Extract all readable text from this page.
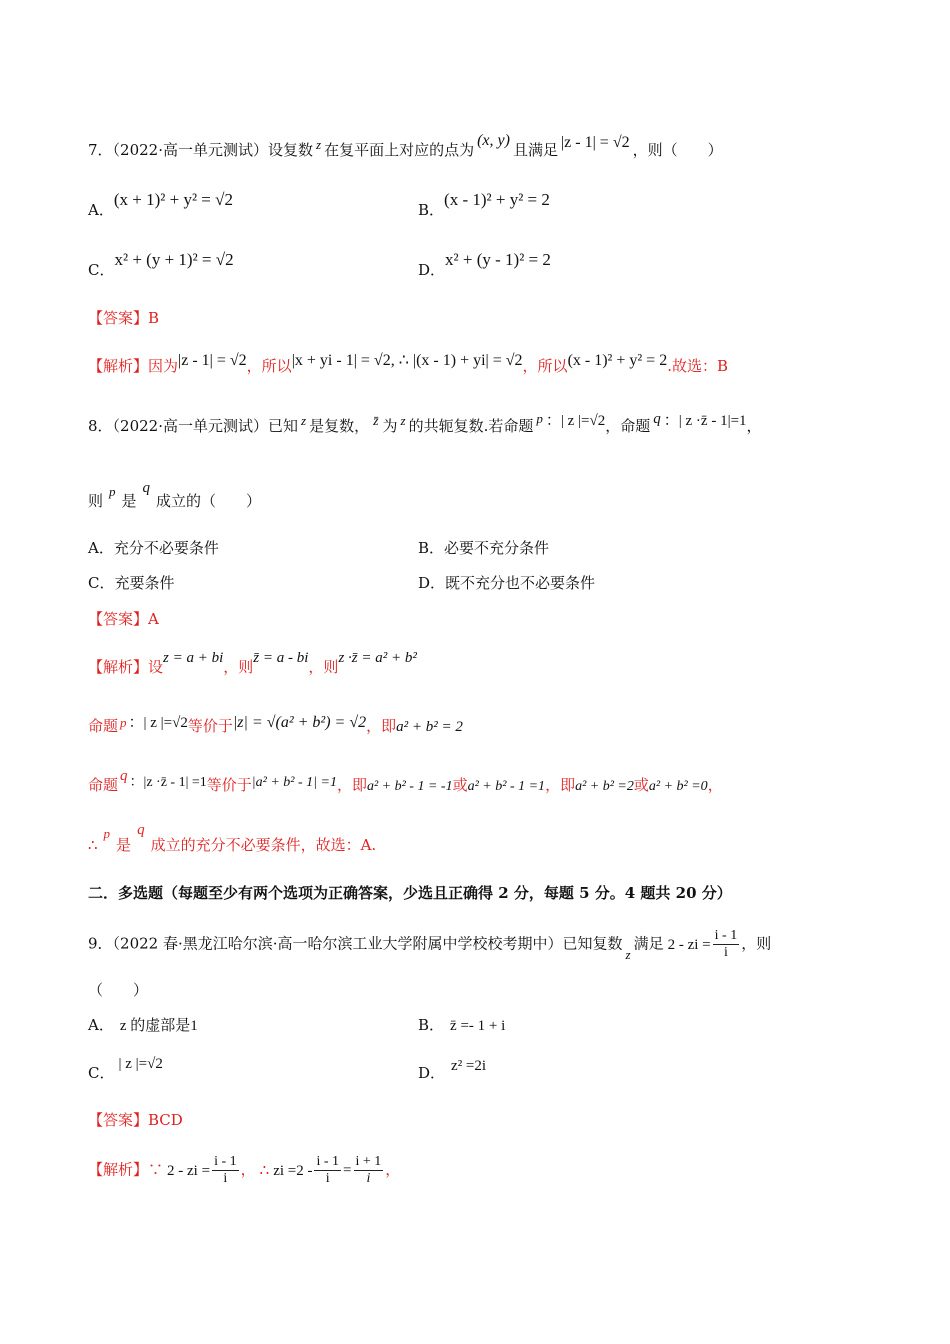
7．（2022·高一单元测试）设复数 z 在复平面上对应的点为(x, y)且满足 |z - 1| = √2 ，则（　　）
A．(x + 1)² + y² = √2
B．(x - 1)² + y² = 2
C．x² + (y + 1)² = √2
D．x² + (y - 1)² = 2
【答案】B
【解析】因为|z - 1| = √2，所以|x + yi - 1| = √2, ∴ |(x - 1) + yi| = √2，所以(x - 1)² + y² = 2.故选：B
8．（2022·高一单元测试）已知 z 是复数， z̄ 为 z 的共轭复数.若命题 p ：| z |=√2，命题 q ：| z ·z̄ - 1|=1，
则p是q成立的（　　）
A．充分不必要条件	B．必要不充分条件
C．充要条件	D．既不充分也不必要条件
【答案】A
【解析】设z = a + bi，则z̄ = a - bi，则z ·z̄ = a² + b²
命题 p ：| z |=√2等价于|z| = √(a² + b²) = √2，即a² + b² = 2
命题 q ：|z ·z̄ - 1| =1等价于|a² + b² - 1| =1，即a² + b² - 1 = -1或a² + b² - 1 =1，即a² + b² =2或a² + b² =0，
∴p是q成立的充分不必要条件，故选：A.
二．多选题（每题至少有两个选项为正确答案，少选且正确得 2 分，每题 5 分。4 题共 20 分）
9．（2022 春·黑龙江哈尔滨·高一哈尔滨工业大学附属中学校校考期中）已知复数z满足 2 - zi = $\frac{i - 1}{i}$ ，则
（　　）
A． z 的虚部是1	B． z̄ =- 1 + i
C． | z |=√2	D． z² =2i
【答案】BCD
【解析】∵ 2 - zi = $\frac{i - 1}{i}$ ， ∴ zi $=2 - \frac{i - 1}{i} = \frac{i + 1}{i}$ ，
